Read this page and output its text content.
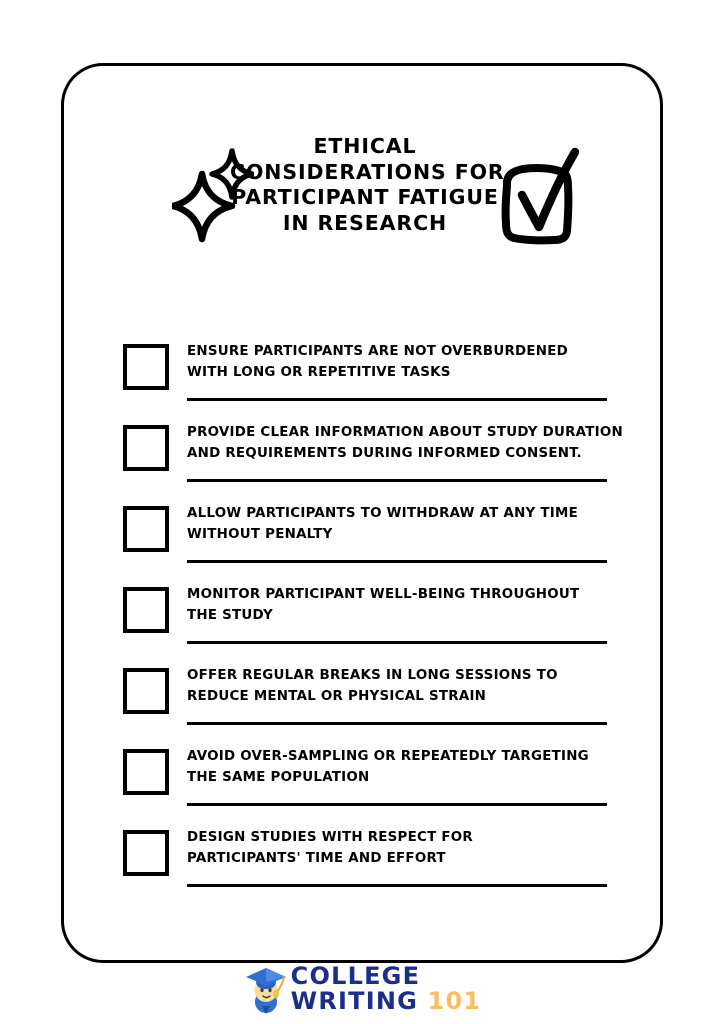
ETHICAL
CONSIDERATIONS FOR
PARTICIPANT FATIGUE
IN RESEARCH
ENSURE PARTICIPANTS ARE NOT OVERBURDENED
WITH LONG OR REPETITIVE TASKS
PROVIDE CLEAR INFORMATION ABOUT STUDY DURATION
AND REQUIREMENTS DURING INFORMED CONSENT.
ALLOW PARTICIPANTS TO WITHDRAW AT ANY TIME
WITHOUT PENALTY
MONITOR PARTICIPANT WELL-BEING THROUGHOUT
THE STUDY
OFFER REGULAR BREAKS IN LONG SESSIONS TO
REDUCE MENTAL OR PHYSICAL STRAIN
AVOID OVER-SAMPLING OR REPEATEDLY TARGETING
THE SAME POPULATION
DESIGN STUDIES WITH RESPECT FOR
PARTICIPANTS' TIME AND EFFORT
COLLEGE
WRITING 101
